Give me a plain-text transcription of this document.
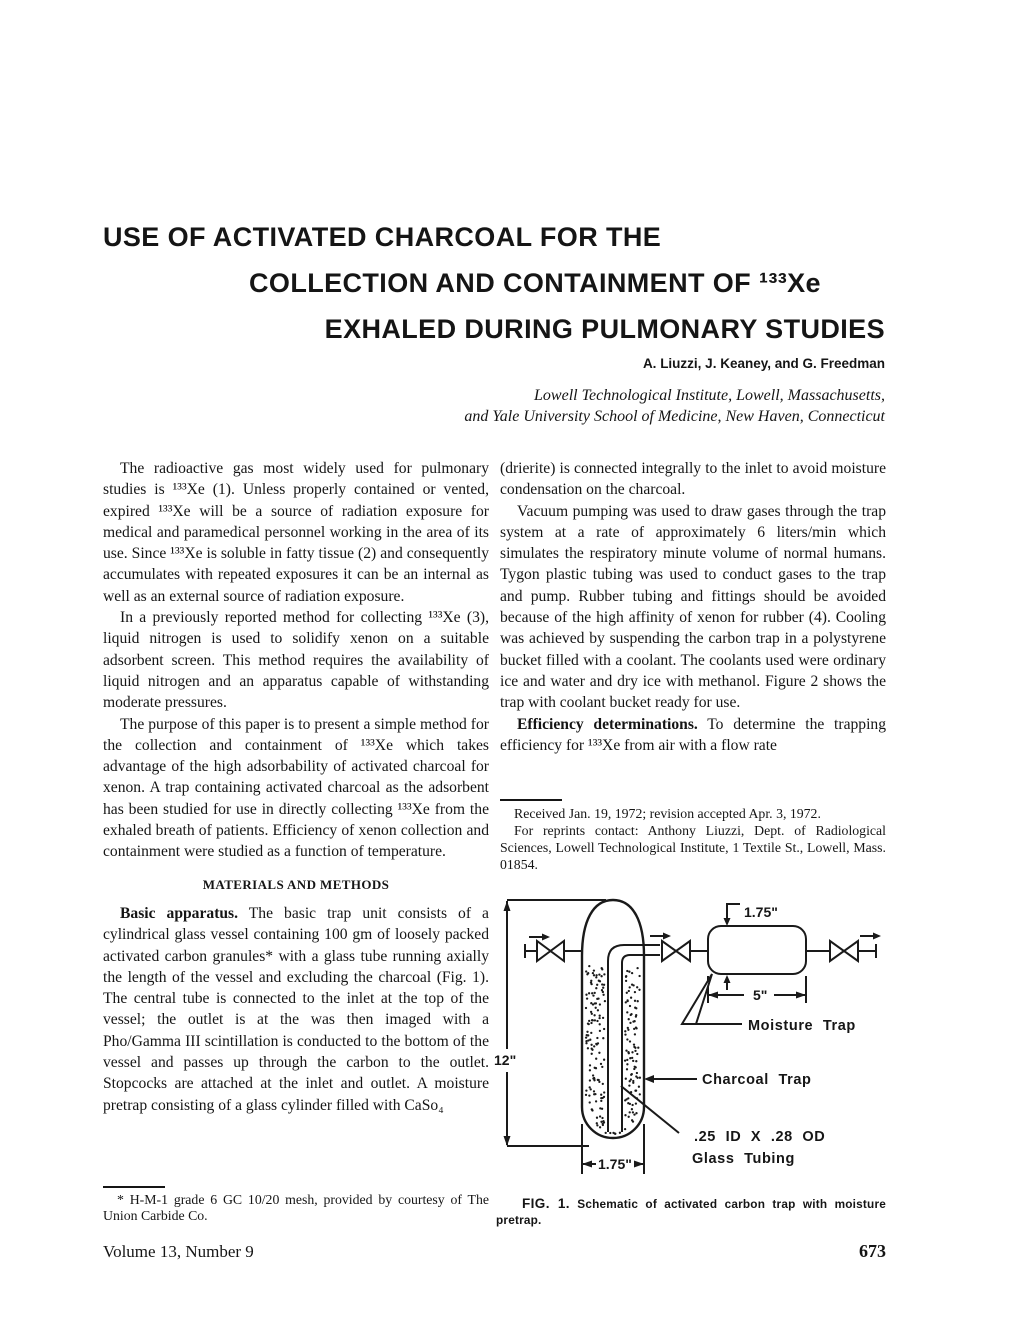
USE OF ACTIVATED CHARCOAL FOR THE
COLLECTION AND CONTAINMENT OF ¹³³Xe
EXHALED DURING PULMONARY STUDIES
A. Liuzzi, J. Keaney, and G. Freedman
Lowell Technological Institute, Lowell, Massachusetts,
and Yale University School of Medicine, New Haven, Connecticut

The radioactive gas most widely used for pulmonary studies is ¹³³Xe (1). Unless properly contained or vented, expired ¹³³Xe will be a source of radiation exposure for medical and paramedical personnel working in the area of its use. Since ¹³³Xe is soluble in fatty tissue (2) and consequently accumulates with repeated exposures it can be an internal as well as an external source of radiation exposure.

In a previously reported method for collecting ¹³³Xe (3), liquid nitrogen is used to solidify xenon on a suitable adsorbent screen. This method requires the availability of liquid nitrogen and an apparatus capable of withstanding moderate pressures.

The purpose of this paper is to present a simple method for the collection and containment of ¹³³Xe which takes advantage of the high adsorbability of activated charcoal for xenon. A trap containing activated charcoal as the adsorbent has been studied for use in directly collecting ¹³³Xe from the exhaled breath of patients. Efficiency of xenon collection and containment were studied as a function of temperature.

MATERIALS AND METHODS

Basic apparatus. The basic trap unit consists of a cylindrical glass vessel containing 100 gm of loosely packed activated carbon granules* with a glass tube running axially the length of the vessel and excluding the charcoal (Fig. 1). The central tube is connected to the inlet at the top of the vessel; the outlet is at the was then imaged with a Pho/Gamma III scintillation is conducted to the bottom of the vessel and passes up through the carbon to the outlet. Stopcocks are attached at the inlet and outlet. A moisture pretrap consisting of a glass cylinder filled with CaSo₄

* H-M-1 grade 6 GC 10/20 mesh, provided by courtesy of The Union Carbide Co.

(drierite) is connected integrally to the inlet to avoid moisture condensation on the charcoal.

Vacuum pumping was used to draw gases through the trap system at a rate of approximately 6 liters/min which simulates the respiratory minute volume of normal humans. Tygon plastic tubing was used to conduct gases to the trap and pump. Rubber tubing and fittings should be avoided because of the high affinity of xenon for rubber (4). Cooling was achieved by suspending the carbon trap in a polystyrene bucket filled with a coolant. The coolants used were ordinary ice and water and dry ice with methanol. Figure 2 shows the trap with coolant bucket ready for use.

Efficiency determinations. To determine the trapping efficiency for ¹³³Xe from air with a flow rate

Received Jan. 19, 1972; revision accepted Apr. 3, 1972.

For reprints contact: Anthony Liuzzi, Dept. of Radiological Sciences, Lowell Technological Institute, 1 Textile St., Lowell, Mass. 01854.

12"
1.75"
5"
Moisture Trap
Charcoal Trap
.25 ID X .28 OD
Glass Tubing
1.75"
FIG. 1. Schematic of activated carbon trap with moisture pretrap.
Volume 13, Number 9	673
